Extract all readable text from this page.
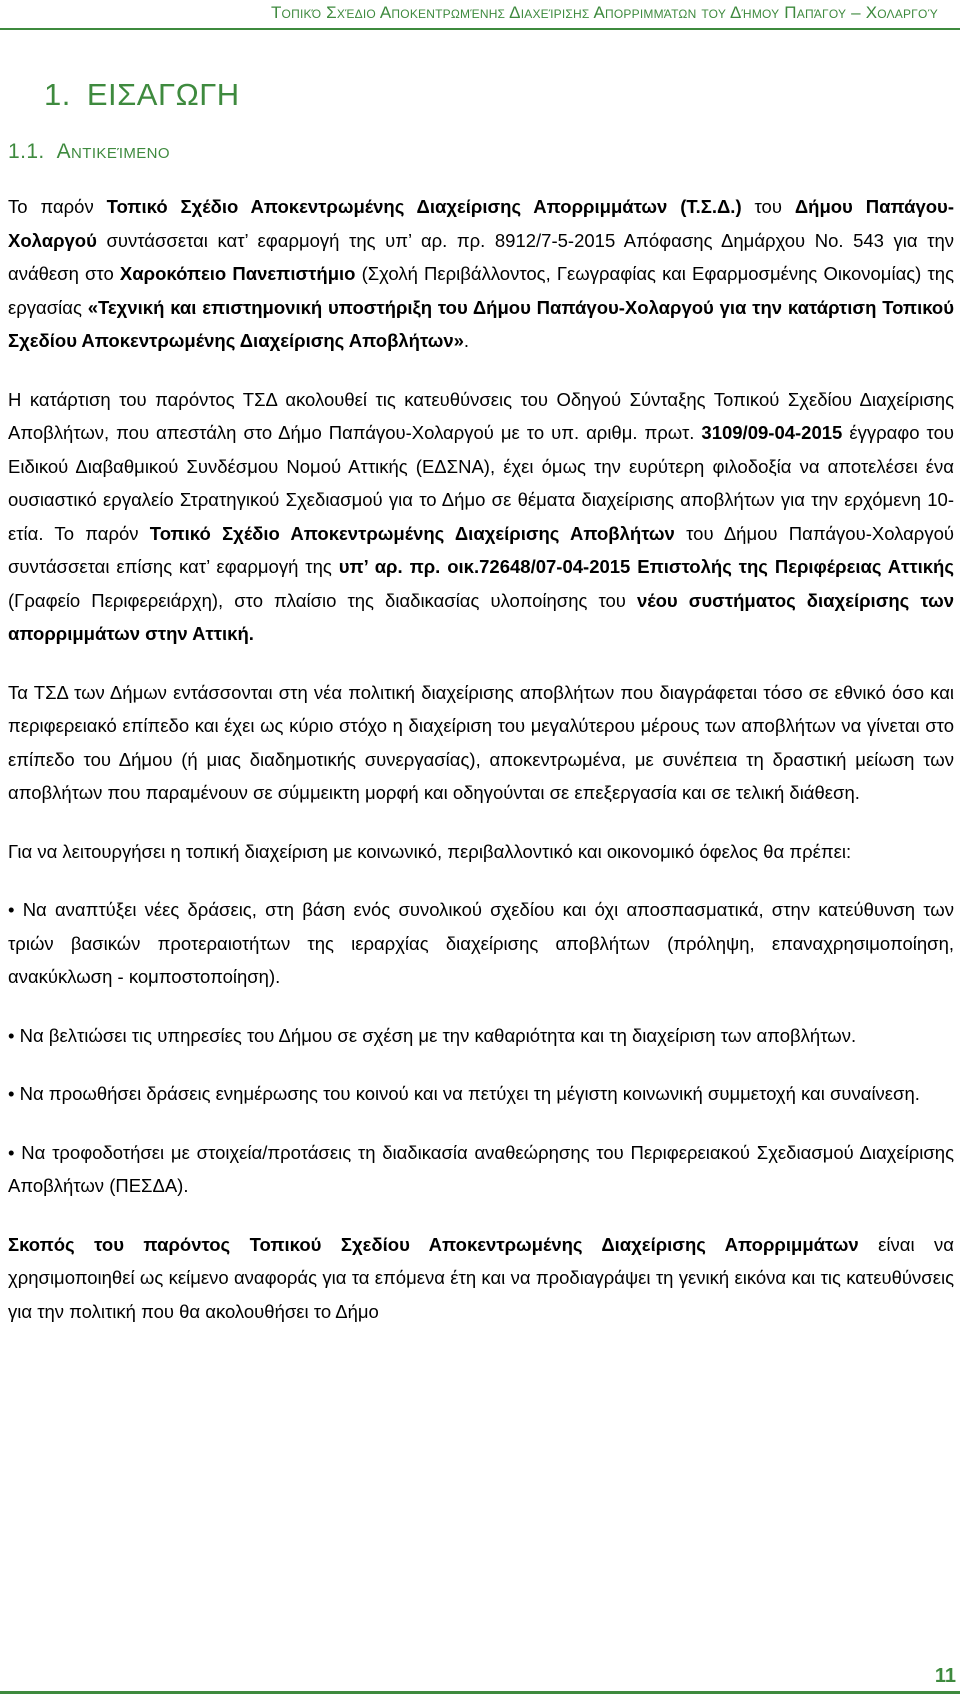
Τοπικό Σχέδιο Αποκεντρωμένης Διαχείρισης Απορριμμάτων του Δήμου Παπάγου – Χολαργού
1. ΕΙΣΑΓΩΓΗ
1.1. Αντικείμενο

Το παρόν Τοπικό Σχέδιο Αποκεντρωμένης Διαχείρισης Απορριμμάτων (Τ.Σ.Δ.) του Δήμου Παπάγου-Χολαργού συντάσσεται κατ’ εφαρμογή της υπ’ αρ. πρ. 8912/7-5-2015 Απόφασης Δημάρχου Νο. 543 για την ανάθεση στο Χαροκόπειο Πανεπιστήμιο (Σχολή Περιβάλλοντος, Γεωγραφίας και Εφαρμοσμένης Οικονομίας) της εργασίας «Τεχνική και επιστημονική υποστήριξη του Δήμου Παπάγου-Χολαργού για την κατάρτιση Τοπικού Σχεδίου Αποκεντρωμένης Διαχείρισης Αποβλήτων».

Η κατάρτιση του παρόντος ΤΣΔ ακολουθεί τις κατευθύνσεις του Οδηγού Σύνταξης Τοπικού Σχεδίου Διαχείρισης Αποβλήτων, που απεστάλη στο Δήμο Παπάγου-Χολαργού με το υπ. αριθμ. πρωτ. 3109/09-04-2015 έγγραφο του Ειδικού Διαβαθμικού Συνδέσμου Νομού Αττικής (ΕΔΣΝΑ), έχει όμως την ευρύτερη φιλοδοξία να αποτελέσει ένα ουσιαστικό εργαλείο Στρατηγικού Σχεδιασμού για το Δήμο σε θέματα διαχείρισης αποβλήτων για την ερχόμενη 10-ετία. Το παρόν Τοπικό Σχέδιο Αποκεντρωμένης Διαχείρισης Αποβλήτων του Δήμου Παπάγου-Χολαργού συντάσσεται επίσης κατ’ εφαρμογή της υπ’ αρ. πρ. οικ.72648/07-04-2015 Επιστολής της Περιφέρειας Αττικής (Γραφείο Περιφερειάρχη), στο πλαίσιο της διαδικασίας υλοποίησης του νέου συστήματος διαχείρισης των απορριμμάτων στην Αττική.

Τα ΤΣΔ των Δήμων εντάσσονται στη νέα πολιτική διαχείρισης αποβλήτων που διαγράφεται τόσο σε εθνικό όσο και περιφερειακό επίπεδο και έχει ως κύριο στόχο η διαχείριση του μεγαλύτερου μέρους των αποβλήτων να γίνεται στο επίπεδο του Δήμου (ή μιας διαδημοτικής συνεργασίας), αποκεντρωμένα, με συνέπεια τη δραστική μείωση των αποβλήτων που παραμένουν σε σύμμεικτη μορφή και οδηγούνται σε επεξεργασία και σε τελική διάθεση.

Για να λειτουργήσει η τοπική διαχείριση με κοινωνικό, περιβαλλοντικό και οικονομικό όφελος θα πρέπει:

• Να αναπτύξει νέες δράσεις, στη βάση ενός συνολικού σχεδίου και όχι αποσπασματικά, στην κατεύθυνση των τριών βασικών προτεραιοτήτων της ιεραρχίας διαχείρισης αποβλήτων (πρόληψη, επαναχρησιμοποίηση, ανακύκλωση - κομποστοποίηση).

• Να βελτιώσει τις υπηρεσίες του Δήμου σε σχέση με την καθαριότητα και τη διαχείριση των αποβλήτων.

• Να προωθήσει δράσεις ενημέρωσης του κοινού και να πετύχει τη μέγιστη κοινωνική συμμετοχή και συναίνεση.

• Να τροφοδοτήσει με στοιχεία/προτάσεις τη διαδικασία αναθεώρησης του Περιφερειακού Σχεδιασμού Διαχείρισης Αποβλήτων (ΠΕΣΔΑ).

Σκοπός του παρόντος Τοπικού Σχεδίου Αποκεντρωμένης Διαχείρισης Απορριμμάτων είναι να χρησιμοποιηθεί ως κείμενο αναφοράς για τα επόμενα έτη και να προδιαγράψει τη γενική εικόνα και τις κατευθύνσεις για την πολιτική που θα ακολουθήσει το Δήμο

11
